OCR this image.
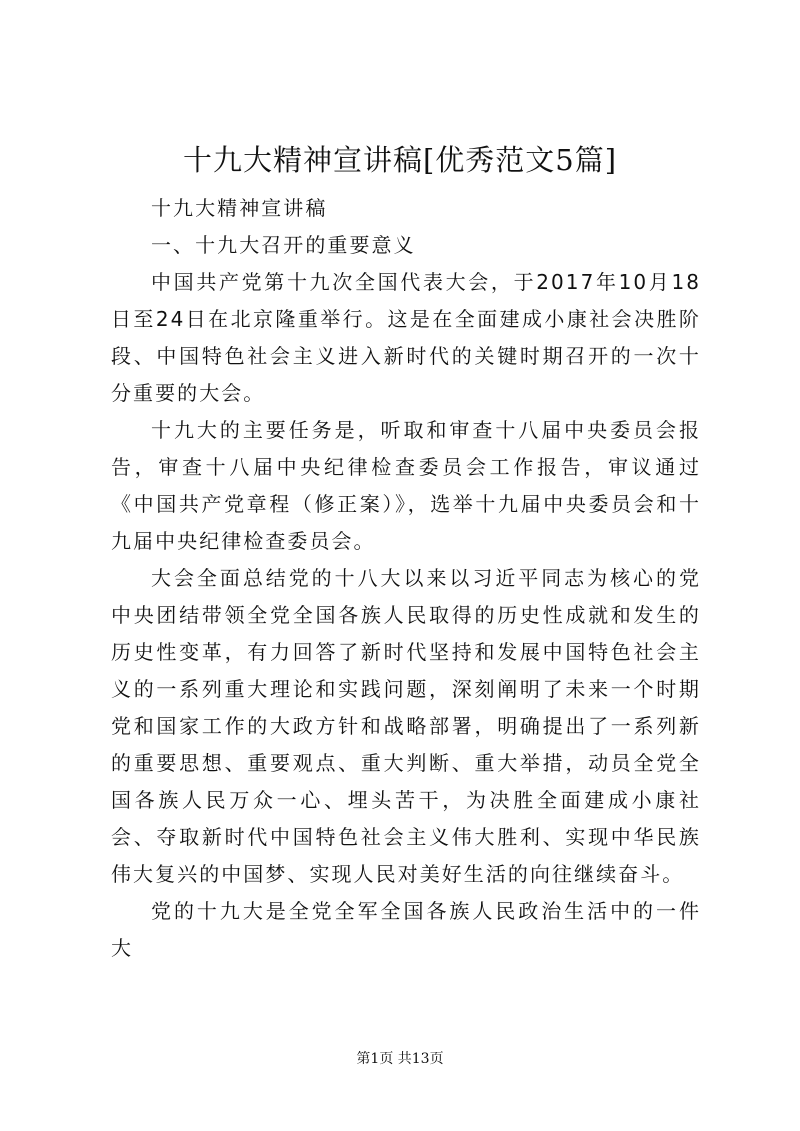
十九大精神宣讲稿[优秀范文5篇]

十九大精神宣讲稿

一、十九大召开的重要意义

中国共产党第十九次全国代表大会，于2017年10月18日至24日在北京隆重举行。这是在全面建成小康社会决胜阶段、中国特色社会主义进入新时代的关键时期召开的一次十分重要的大会。

十九大的主要任务是，听取和审查十八届中央委员会报告，审查十八届中央纪律检查委员会工作报告，审议通过《中国共产党章程（修正案）》，选举十九届中央委员会和十九届中央纪律检查委员会。

大会全面总结党的十八大以来以习近平同志为核心的党中央团结带领全党全国各族人民取得的历史性成就和发生的历史性变革，有力回答了新时代坚持和发展中国特色社会主义的一系列重大理论和实践问题，深刻阐明了未来一个时期党和国家工作的大政方针和战略部署，明确提出了一系列新的重要思想、重要观点、重大判断、重大举措，动员全党全国各族人民万众一心、埋头苦干，为决胜全面建成小康社会、夺取新时代中国特色社会主义伟大胜利、实现中华民族伟大复兴的中国梦、实现人民对美好生活的向往继续奋斗。

党的十九大是全党全军全国各族人民政治生活中的一件大

第1页 共13页
